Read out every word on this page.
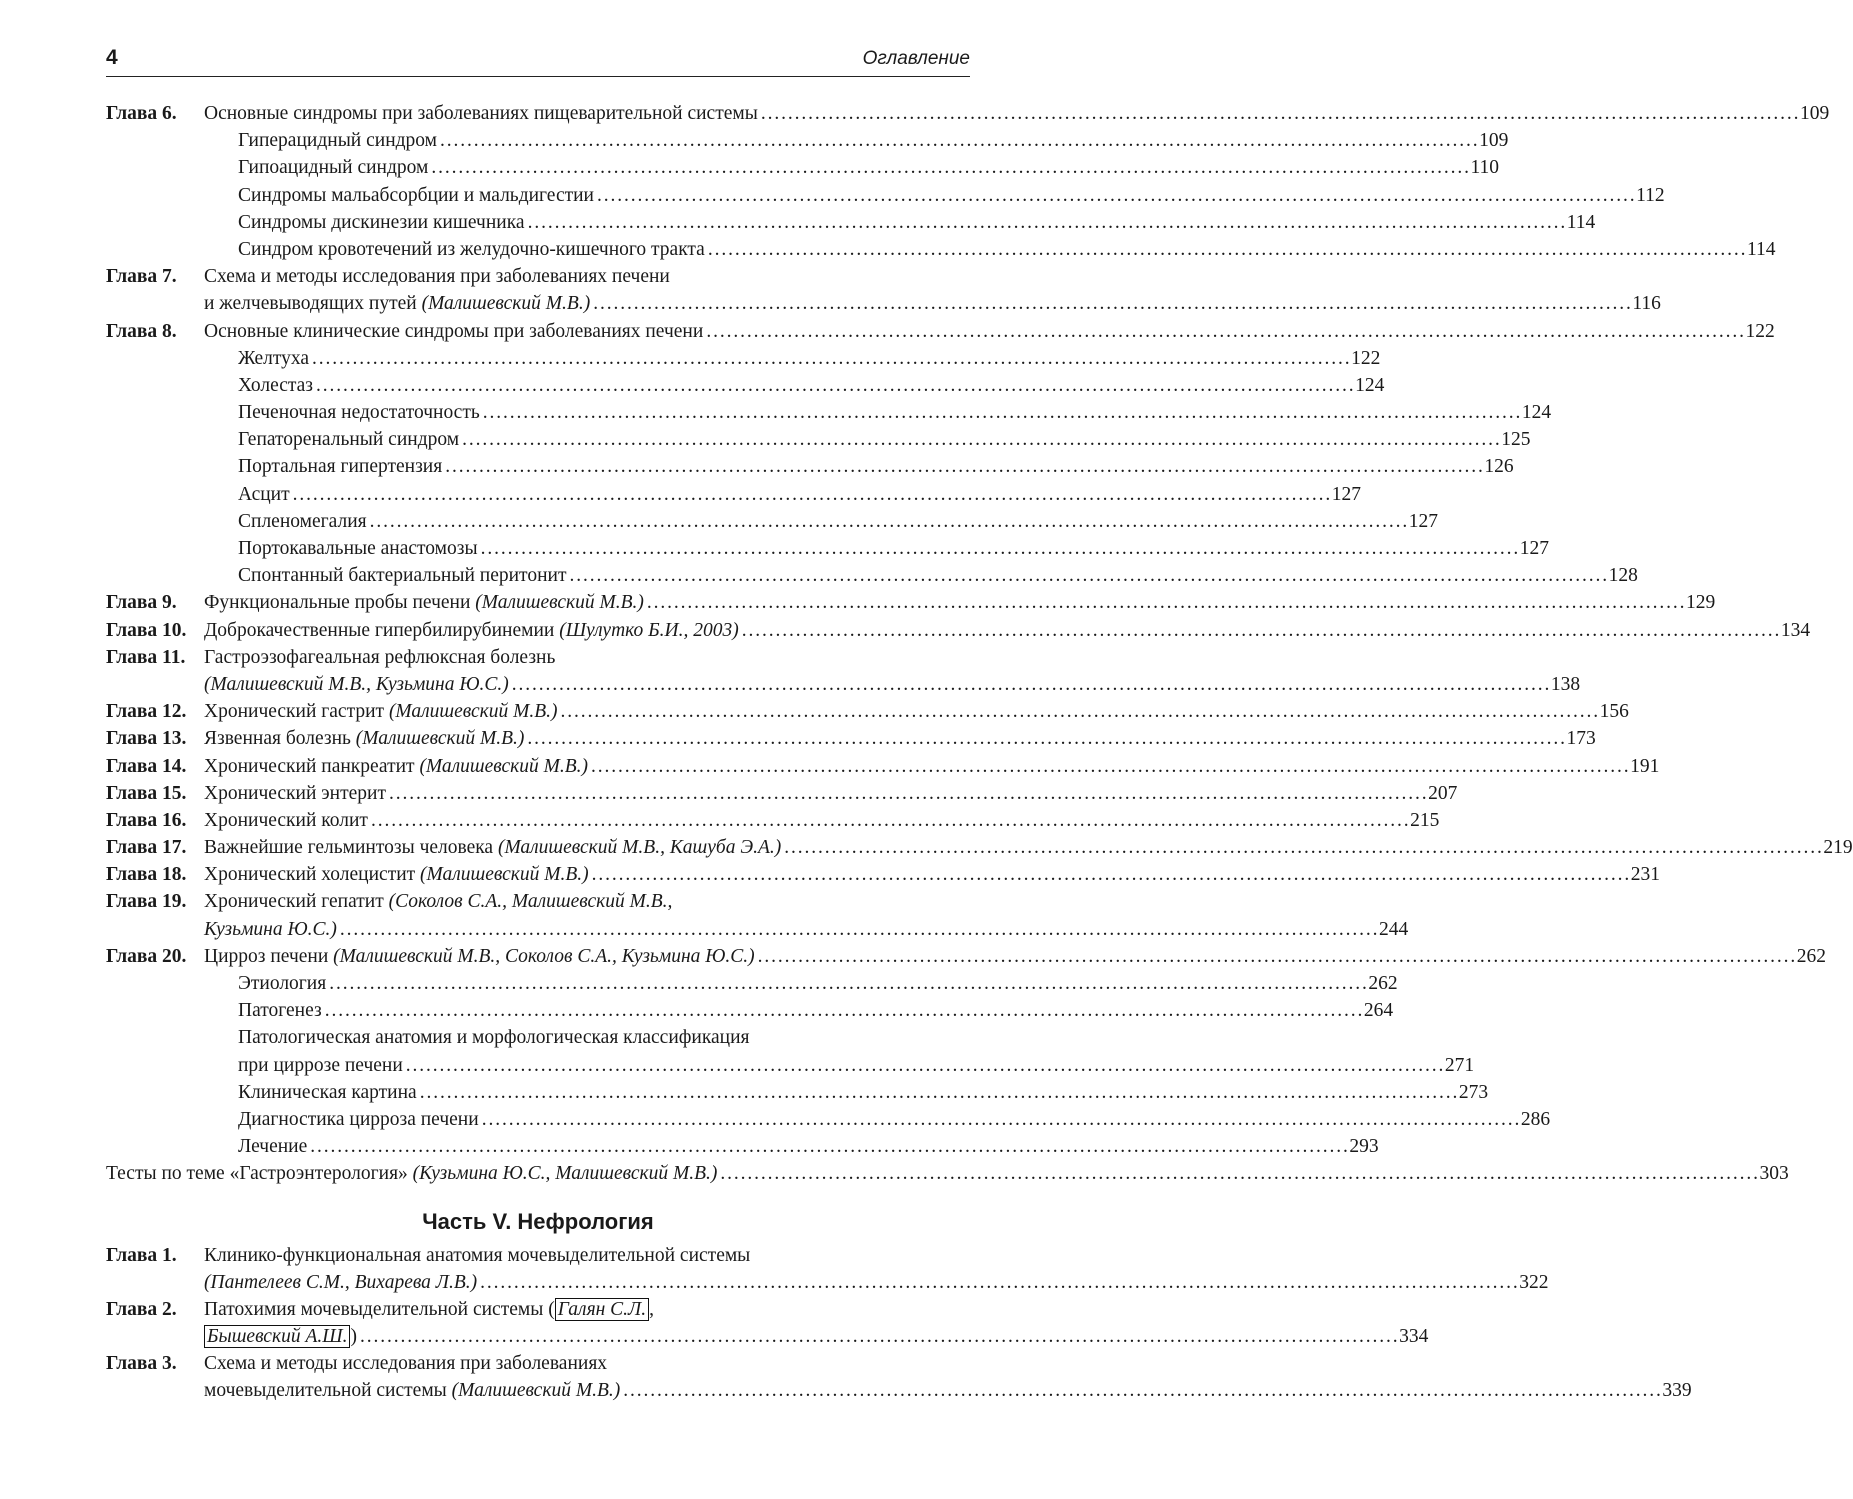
4	Оглавление
Глава 6. Основные синдромы при заболеваниях пищеварительной системы . . .	109
Гиперацидный синдром . . .	109
Гипоацидный синдром . . .	110
Синдромы мальабсорбции и мальдигестии . . .	112
Синдромы дискинезии кишечника . . .	114
Синдром кровотечений из желудочно-кишечного тракта . . .	114
Глава 7. Схема и методы исследования при заболеваниях печени
и желчевыводящих путей (Малишевский М.В.) . . .	116
Глава 8. Основные клинические синдромы при заболеваниях печени . . .	122
Желтуха . . .	122
Холестаз . . .	124
Печеночная недостаточность . . .	124
Гепаторенальный синдром . . .	125
Портальная гипертензия . . .	126
Асцит . . .	127
Спленомегалия . . .	127
Портокавальные анастомозы . . .	127
Спонтанный бактериальный перитонит . . .	128
Глава 9. Функциональные пробы печени (Малишевский М.В.) . . .	129
Глава 10. Доброкачественные гипербилирубинемии (Шулутко Б.И., 2003) . . .	134
Глава 11. Гастроэзофагеальная рефлюксная болезнь
(Малишевский М.В., Кузьмина Ю.С.) . . .	138
Глава 12. Хронический гастрит (Малишевский М.В.) . . .	156
Глава 13. Язвенная болезнь (Малишевский М.В.) . . .	173
Глава 14. Хронический панкреатит (Малишевский М.В.) . . .	191
Глава 15. Хронический энтерит . . .	207
Глава 16. Хронический колит . . .	215
Глава 17. Важнейшие гельминтозы человека (Малишевский М.В., Кашуба Э.А.) . . .	219
Глава 18. Хронический холецистит (Малишевский М.В.) . . .	231
Глава 19. Хронический гепатит (Соколов С.А., Малишевский М.В.,
Кузьмина Ю.С.) . . .	244
Глава 20. Цирроз печени (Малишевский М.В., Соколов С.А., Кузьмина Ю.С.) . . .	262
Этиология . . .	262
Патогенез . . .	264
Патологическая анатомия и морфологическая классификация
при циррозе печени . . .	271
Клиническая картина . . .	273
Диагностика цирроза печени . . .	286
Лечение . . .	293
Тесты по теме «Гастроэнтерология» (Кузьмина Ю.С., Малишевский М.В.) . . .	303
Часть V. Нефрология
Глава 1. Клинико-функциональная анатомия мочевыделительной системы
(Пантелеев С.М., Вихарева Л.В.) . . .	322
Глава 2. Патохимия мочевыделительной системы ( Галян С.Л. ,
Бышевский А.Ш. ) . . .	334
Глава 3. Схема и методы исследования при заболеваниях
мочевыделительной системы (Малишевский М.В.) . . .	339
